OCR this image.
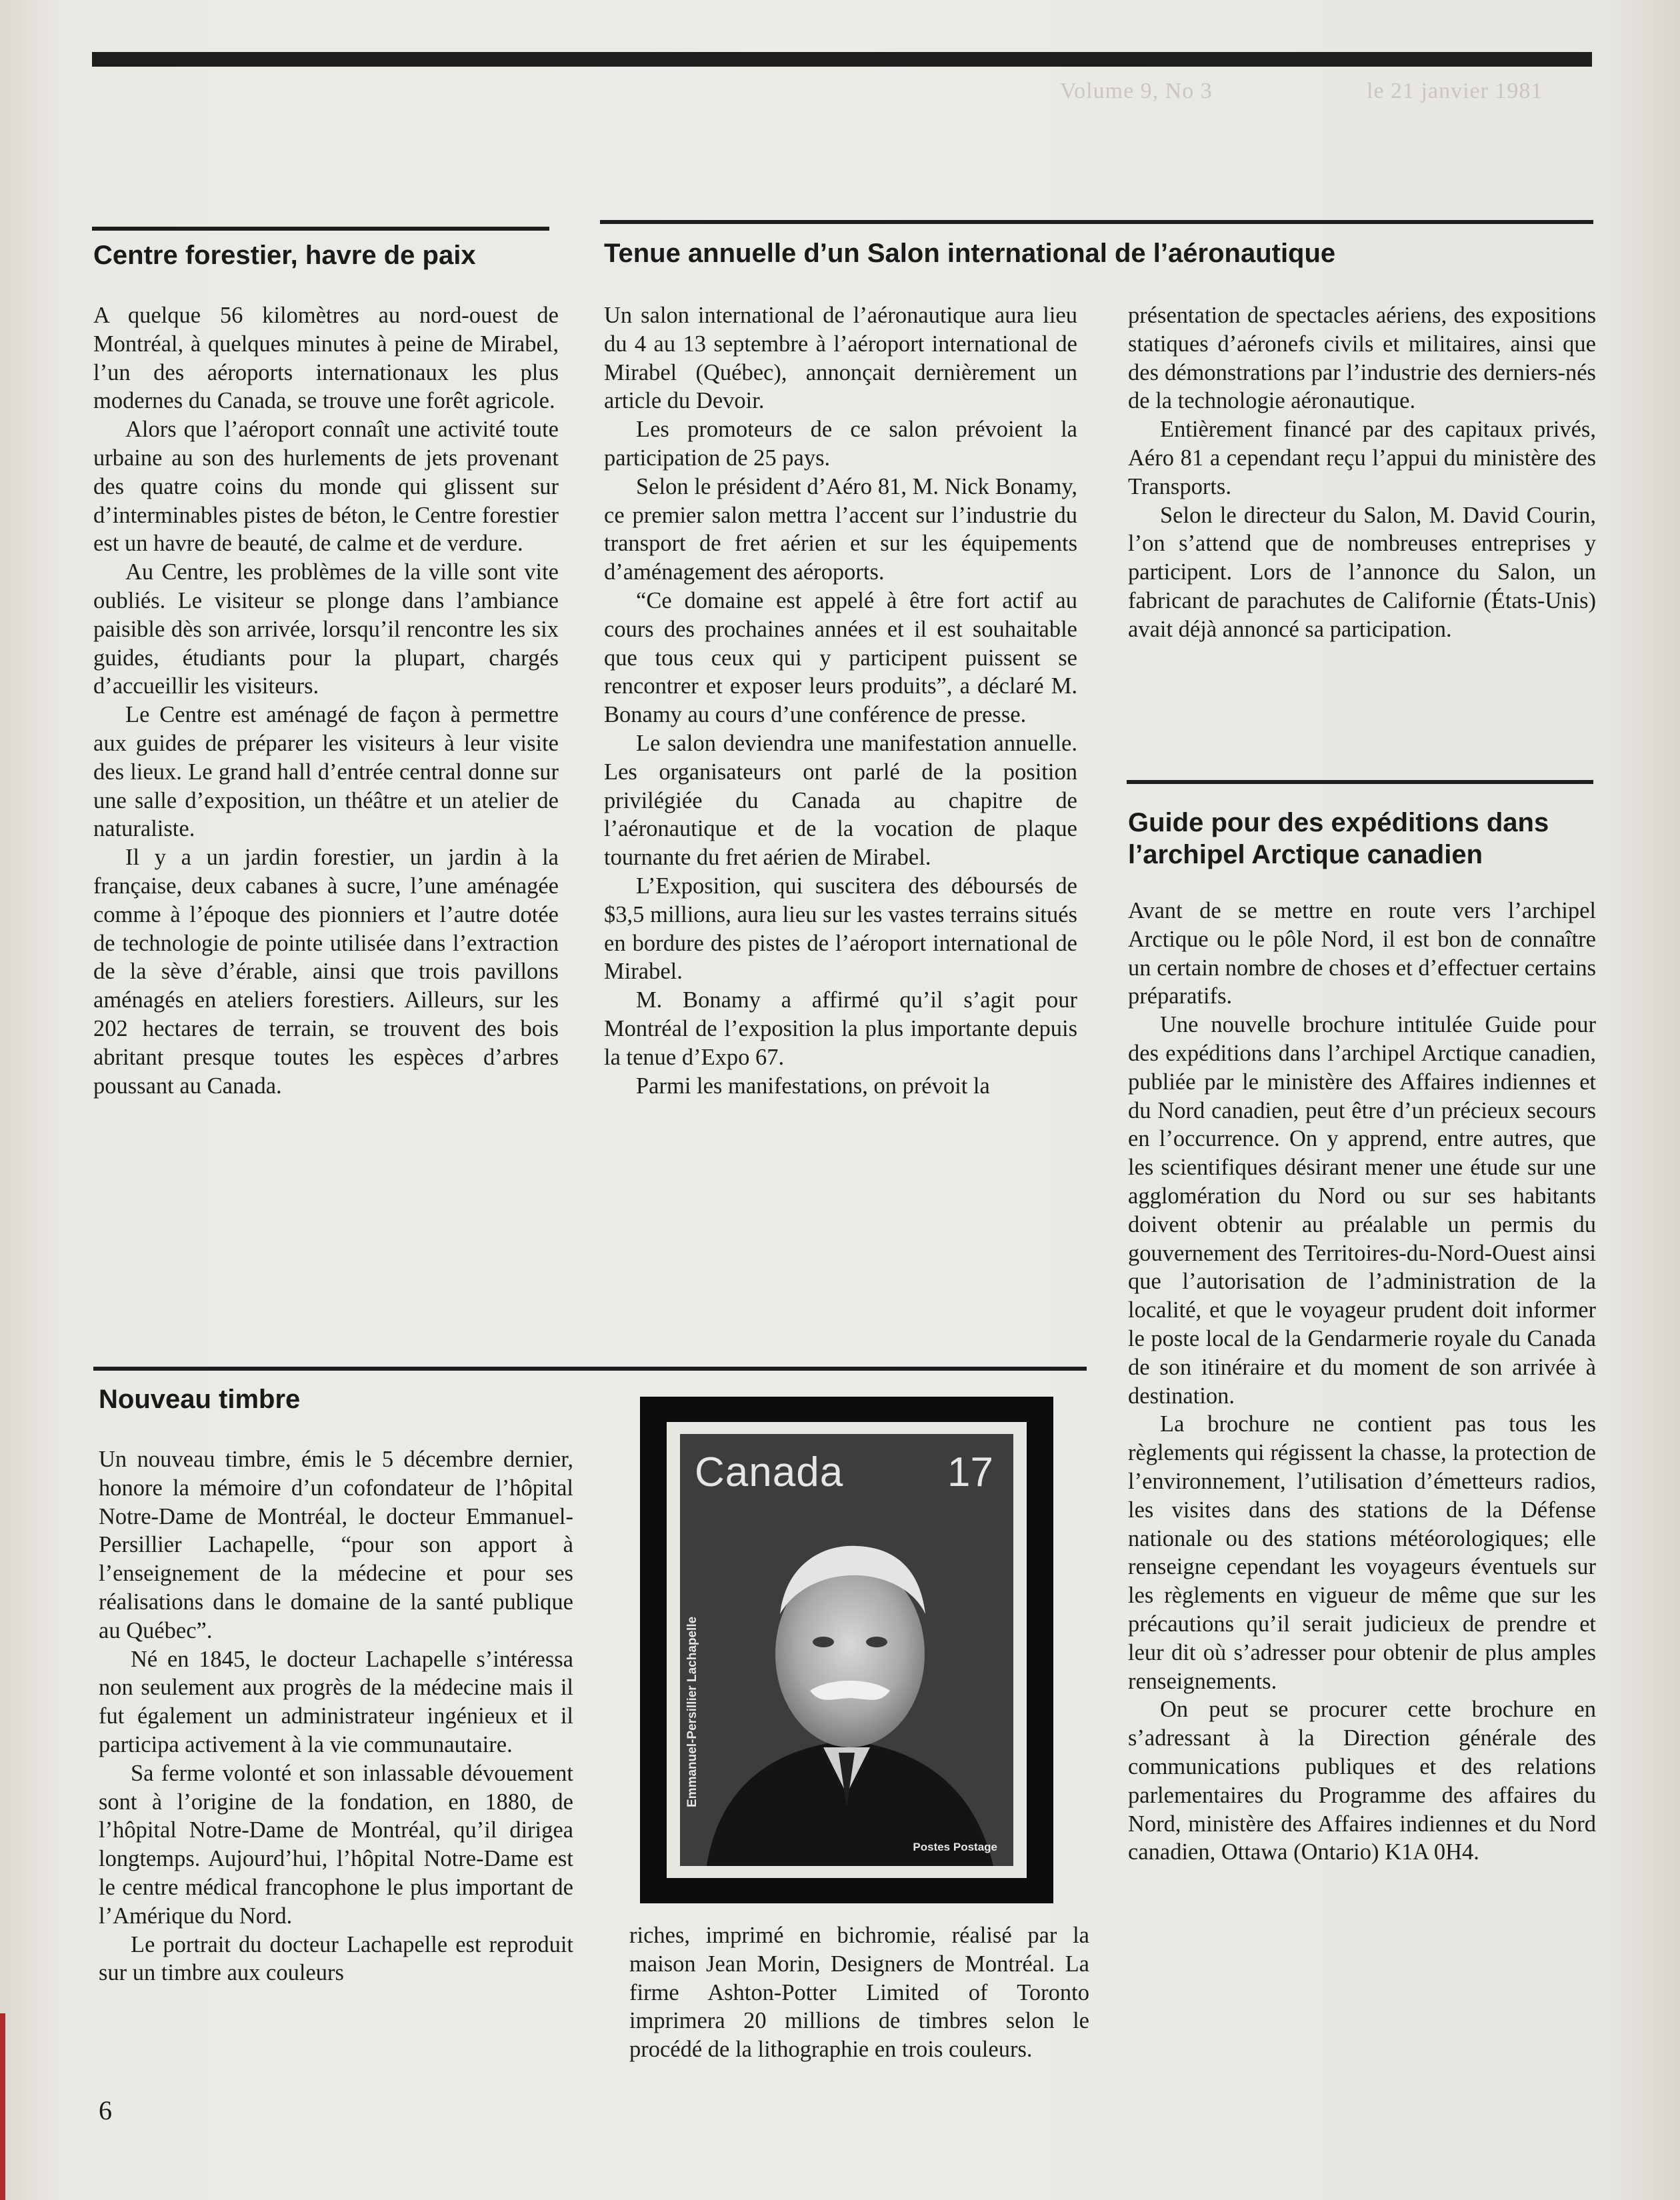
Volume 9, No 3	le 21 janvier 1981
Centre forestier, havre de paix

A quelque 56 kilomètres au nord-ouest de Montréal, à quelques minutes à peine de Mirabel, l’un des aéroports internationaux les plus modernes du Canada, se trouve une forêt agricole.

Alors que l’aéroport connaît une activité toute urbaine au son des hurlements de jets provenant des quatre coins du monde qui glissent sur d’interminables pistes de béton, le Centre forestier est un havre de beauté, de calme et de verdure.

Au Centre, les problèmes de la ville sont vite oubliés. Le visiteur se plonge dans l’ambiance paisible dès son arrivée, lorsqu’il rencontre les six guides, étudiants pour la plupart, chargés d’accueillir les visiteurs.

Le Centre est aménagé de façon à permettre aux guides de préparer les visiteurs à leur visite des lieux. Le grand hall d’entrée central donne sur une salle d’exposition, un théâtre et un atelier de naturaliste.

Il y a un jardin forestier, un jardin à la française, deux cabanes à sucre, l’une aménagée comme à l’époque des pionniers et l’autre dotée de technologie de pointe utilisée dans l’extraction de la sève d’érable, ainsi que trois pavillons aménagés en ateliers forestiers. Ailleurs, sur les 202 hectares de terrain, se trouvent des bois abritant presque toutes les espèces d’arbres poussant au Canada.

Tenue annuelle d’un Salon international de l’aéronautique

Un salon international de l’aéronautique aura lieu du 4 au 13 septembre à l’aéroport international de Mirabel (Québec), annonçait dernièrement un article du Devoir.

Les promoteurs de ce salon prévoient la participation de 25 pays.

Selon le président d’Aéro 81, M. Nick Bonamy, ce premier salon mettra l’accent sur l’industrie du transport de fret aérien et sur les équipements d’aménagement des aéroports.

“Ce domaine est appelé à être fort actif au cours des prochaines années et il est souhaitable que tous ceux qui y participent puissent se rencontrer et exposer leurs produits”, a déclaré M. Bonamy au cours d’une conférence de presse.

Le salon deviendra une manifestation annuelle. Les organisateurs ont parlé de la position privilégiée du Canada au chapitre de l’aéronautique et de la vocation de plaque tournante du fret aérien de Mirabel.

L’Exposition, qui suscitera des déboursés de $3,5 millions, aura lieu sur les vastes terrains situés en bordure des pistes de l’aéroport international de Mirabel.

M. Bonamy a affirmé qu’il s’agit pour Montréal de l’exposition la plus importante depuis la tenue d’Expo 67.

Parmi les manifestations, on prévoit la

présentation de spectacles aériens, des expositions statiques d’aéronefs civils et militaires, ainsi que des démonstrations par l’industrie des derniers-nés de la technologie aéronautique.

Entièrement financé par des capitaux privés, Aéro 81 a cependant reçu l’appui du ministère des Transports.

Selon le directeur du Salon, M. David Courin, l’on s’attend que de nombreuses entreprises y participent. Lors de l’annonce du Salon, un fabricant de parachutes de Californie (États-Unis) avait déjà annoncé sa participation.

Guide pour des expéditions dans
l’archipel Arctique canadien

Avant de se mettre en route vers l’archipel Arctique ou le pôle Nord, il est bon de connaître un certain nombre de choses et d’effectuer certains préparatifs.

Une nouvelle brochure intitulée Guide pour des expéditions dans l’archipel Arctique canadien, publiée par le ministère des Affaires indiennes et du Nord canadien, peut être d’un précieux secours en l’occurrence. On y apprend, entre autres, que les scientifiques désirant mener une étude sur une agglomération du Nord ou sur ses habitants doivent obtenir au préalable un permis du gouvernement des Territoires-du-Nord-Ouest ainsi que l’autorisation de l’administration de la localité, et que le voyageur prudent doit informer le poste local de la Gendarmerie royale du Canada de son itinéraire et du moment de son arrivée à destination.

La brochure ne contient pas tous les règlements qui régissent la chasse, la protection de l’environnement, l’utilisation d’émetteurs radios, les visites dans des stations de la Défense nationale ou des stations météorologiques; elle renseigne cependant les voyageurs éventuels sur les règlements en vigueur de même que sur les précautions qu’il serait judicieux de prendre et leur dit où s’adresser pour obtenir de plus amples renseignements.

On peut se procurer cette brochure en s’adressant à la Direction générale des communications publiques et des relations parlementaires du Programme des affaires du Nord, ministère des Affaires indiennes et du Nord canadien, Ottawa (Ontario) K1A 0H4.

Nouveau timbre

Un nouveau timbre, émis le 5 décembre dernier, honore la mémoire d’un cofondateur de l’hôpital Notre-Dame de Montréal, le docteur Emmanuel-Persillier Lachapelle, “pour son apport à l’enseignement de la médecine et pour ses réalisations dans le domaine de la santé publique au Québec”.

Né en 1845, le docteur Lachapelle s’intéressa non seulement aux progrès de la médecine mais il fut également un administrateur ingénieux et il participa activement à la vie communautaire.

Sa ferme volonté et son inlassable dévouement sont à l’origine de la fondation, en 1880, de l’hôpital Notre-Dame de Montréal, qu’il dirigea longtemps. Aujourd’hui, l’hôpital Notre-Dame est le centre médical francophone le plus important de l’Amérique du Nord.

Le portrait du docteur Lachapelle est reproduit sur un timbre aux couleurs

Canada	17
Emmanuel-Persillier Lachapelle
Postes Postage

riches, imprimé en bichromie, réalisé par la maison Jean Morin, Designers de Montréal. La firme Ashton-Potter Limited of Toronto imprimera 20 millions de timbres selon le procédé de la lithographie en trois couleurs.

6
